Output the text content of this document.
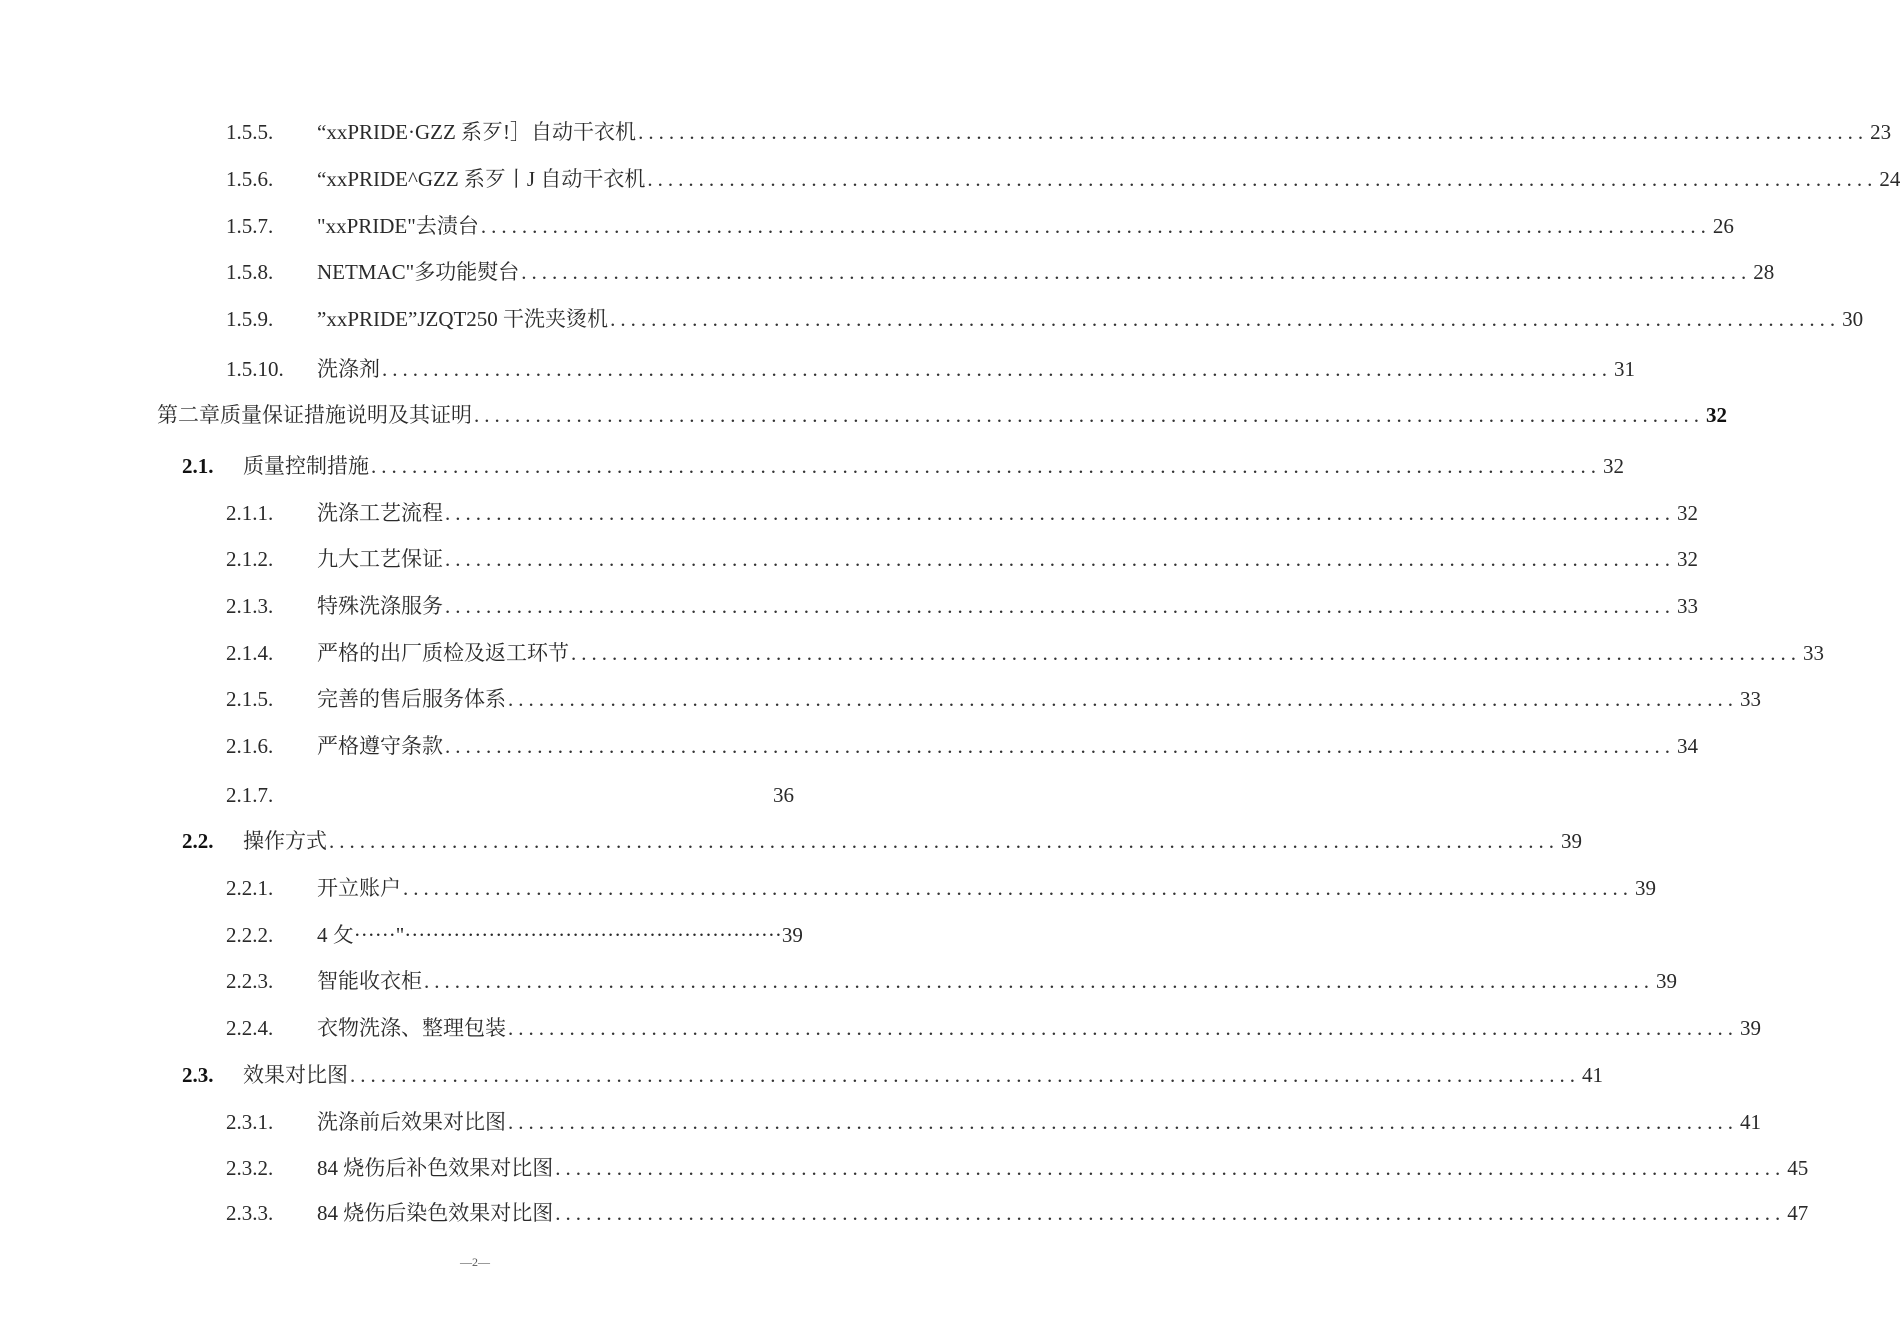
1.5.5.	“xxPRIDE·GZZ 系歹!］自动干衣机 ........................................................................................................................ 23
1.5.6.	“xxPRIDE^GZZ 系歹丨J 自动干衣机 ........................................................................................................................ 24
1.5.7.	"xxPRIDE"去渍台 ........................................................................................................................ 26
1.5.8.	NETMAC"多功能熨台 ........................................................................................................................ 28
1.5.9.	”xxPRIDE”JZQT250 干洗夹烫机 ........................................................................................................................ 30
1.5.10.	洗涤剂 ........................................................................................................................ 31
第二章质量保证措施说明及其证明 ........................................................................................................................ 32
2.1.	质量控制措施 ........................................................................................................................ 32
2.1.1.	洗涤工艺流程 ........................................................................................................................ 32
2.1.2.	九大工艺保证 ........................................................................................................................ 32
2.1.3.	特殊洗涤服务 ........................................................................................................................ 33
2.1.4.	严格的出厂质检及返工环节 ........................................................................................................................ 33
2.1.5.	完善的售后服务体系 ........................................................................................................................ 33
2.1.6.	严格遵守条款 ........................................................................................................................ 34
2.1.7.	36
2.2.	操作方式 ........................................................................................................................ 39
2.2.1.	开立账户 ........................................................................................................................ 39
2.2.2.	4 攵······"······················································39
2.2.3.	智能收衣柜 ........................................................................................................................ 39
2.2.4.	衣物洗涤、整理包装 ........................................................................................................................ 39
2.3.	效果对比图 ........................................................................................................................ 41
2.3.1.	洗涤前后效果对比图 ........................................................................................................................ 41
2.3.2.	84 烧伤后补色效果对比图 ........................................................................................................................ 45
2.3.3.	84 烧伤后染色效果对比图 ........................................................................................................................ 47
—2—
